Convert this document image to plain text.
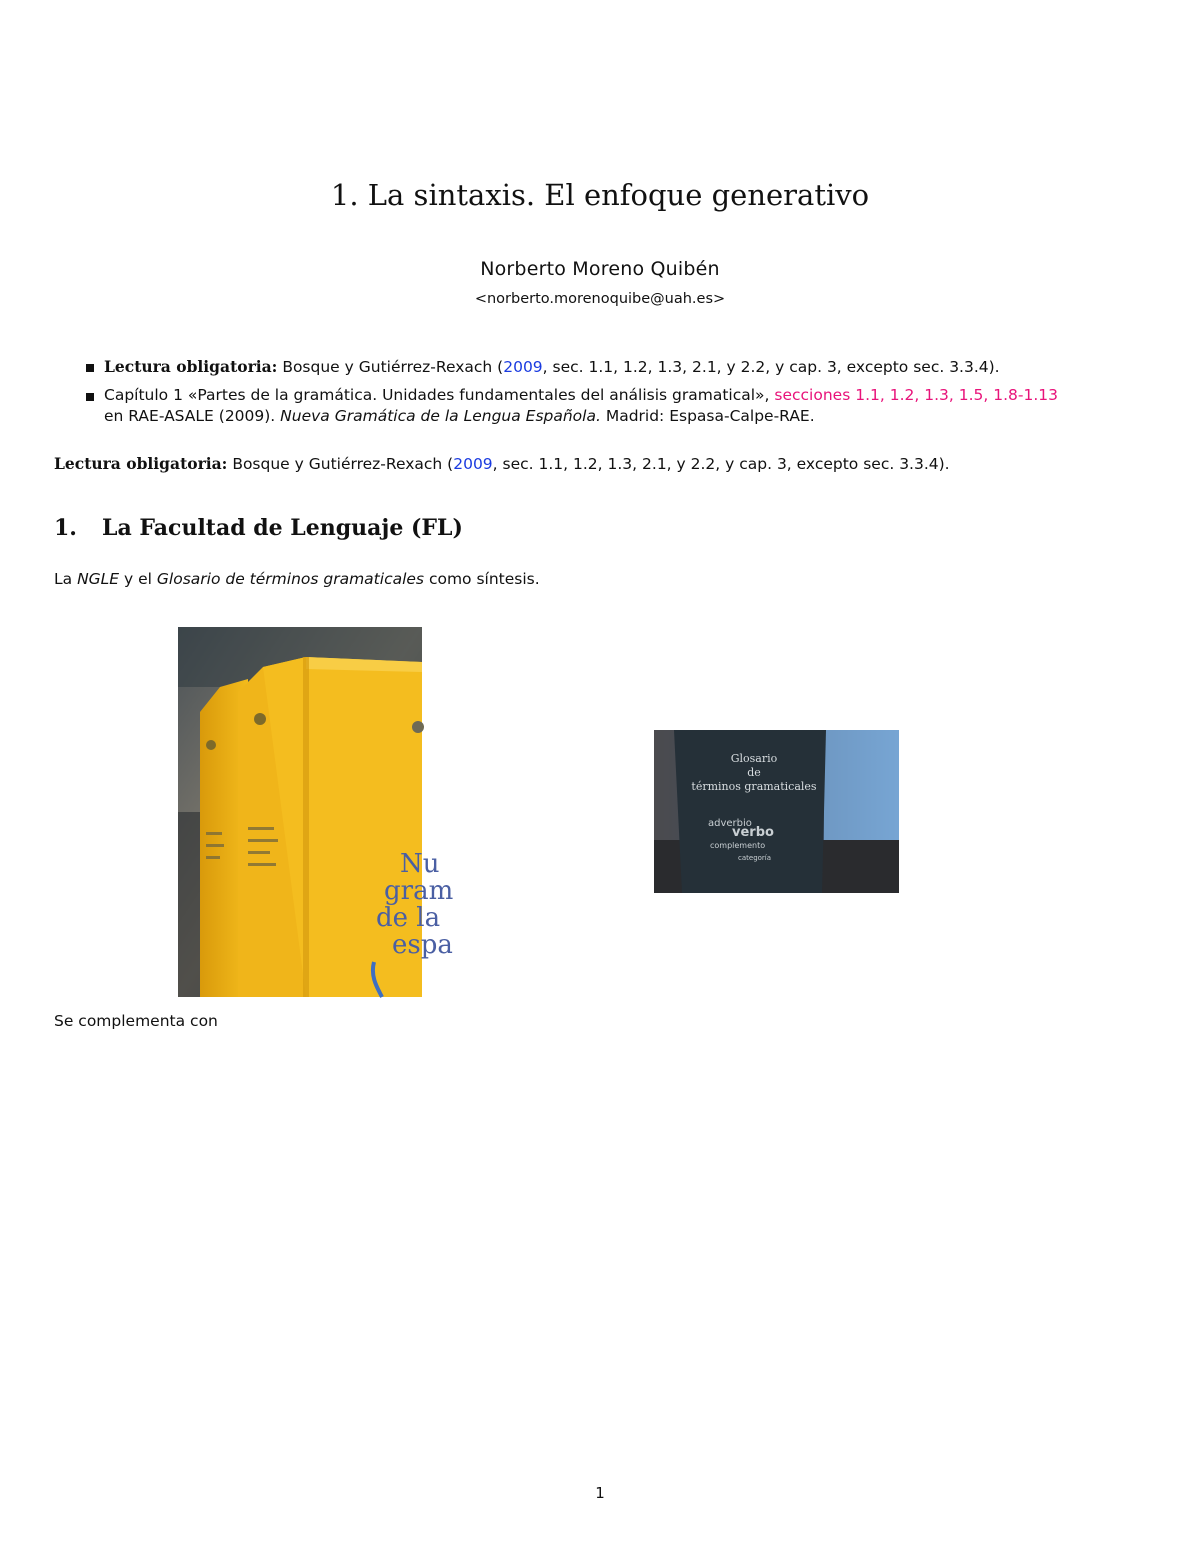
1. La sintaxis. El enfoque generativo
Norberto Moreno Quibén
<norberto.morenoquibe@uah.es>
Lectura obligatoria: Bosque y Gutiérrez-Rexach (2009, sec. 1.1, 1.2, 1.3, 2.1, y 2.2, y cap. 3, excepto sec. 3.3.4).
Capítulo 1 «Partes de la gramática. Unidades fundamentales del análisis gramatical», secciones 1.1, 1.2, 1.3, 1.5, 1.8-1.13
en RAE-ASALE (2009). Nueva Gramática de la Lengua Española. Madrid: Espasa-Calpe-RAE.
Lectura obligatoria: Bosque y Gutiérrez-Rexach (2009, sec. 1.1, 1.2, 1.3, 2.1, y 2.2, y cap. 3, excepto sec. 3.3.4).
1. La Facultad de Lenguaje (FL)
La NGLE y el Glosario de términos gramaticales como síntesis.
Nu
gram
de la
espa
Glosario
de
términos gramaticales
adverbio
verbo
complemento
categoría
Se complementa con
1
